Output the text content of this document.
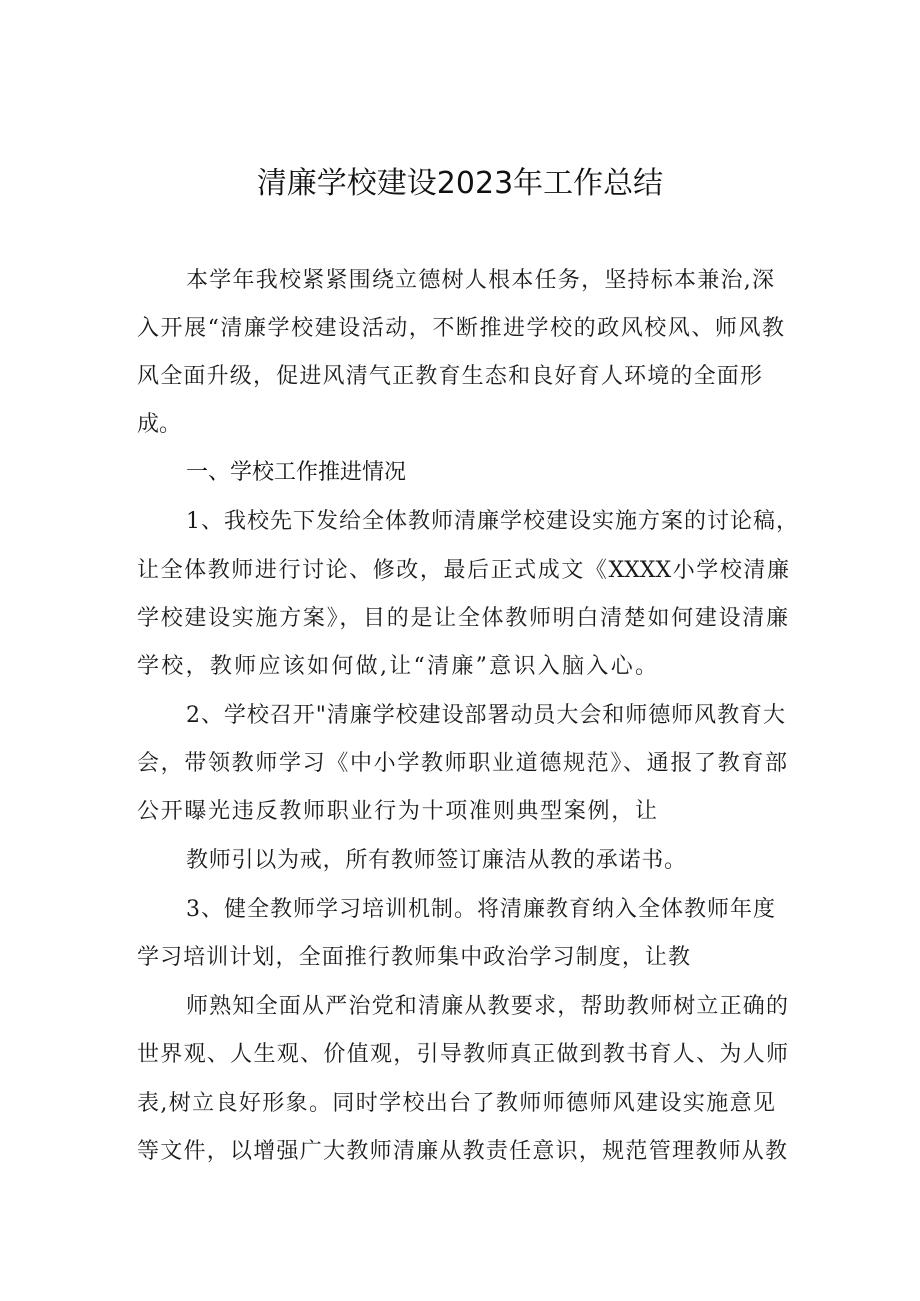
清廉学校建设2023年工作总结
本学年我校紧紧围绕立德树人根本任务，坚持标本兼治,深
入开展“清廉学校建设活动，不断推进学校的政风校风、师风教
风全面升级，促进风清气正教育生态和良好育人环境的全面形
成。
一、学校工作推进情况
1、我校先下发给全体教师清廉学校建设实施方案的讨论稿，
让全体教师进行讨论、修改，最后正式成文《XXXX小学校清廉
学校建设实施方案》，目的是让全体教师明白清楚如何建设清廉
学校，教师应该如何做,让“清廉”意识入脑入心。
2、学校召开"清廉学校建设部署动员大会和师德师风教育大
会，带领教师学习《中小学教师职业道德规范》、通报了教育部
公开曝光违反教师职业行为十项准则典型案例，让
教师引以为戒，所有教师签订廉洁从教的承诺书。
3、健全教师学习培训机制。将清廉教育纳入全体教师年度
学习培训计划，全面推行教师集中政治学习制度，让教
师熟知全面从严治党和清廉从教要求，帮助教师树立正确的
世界观、人生观、价值观，引导教师真正做到教书育人、为人师
表,树立良好形象。同时学校出台了教师师德师风建设实施意见
等文件，以增强广大教师清廉从教责任意识，规范管理教师从教
